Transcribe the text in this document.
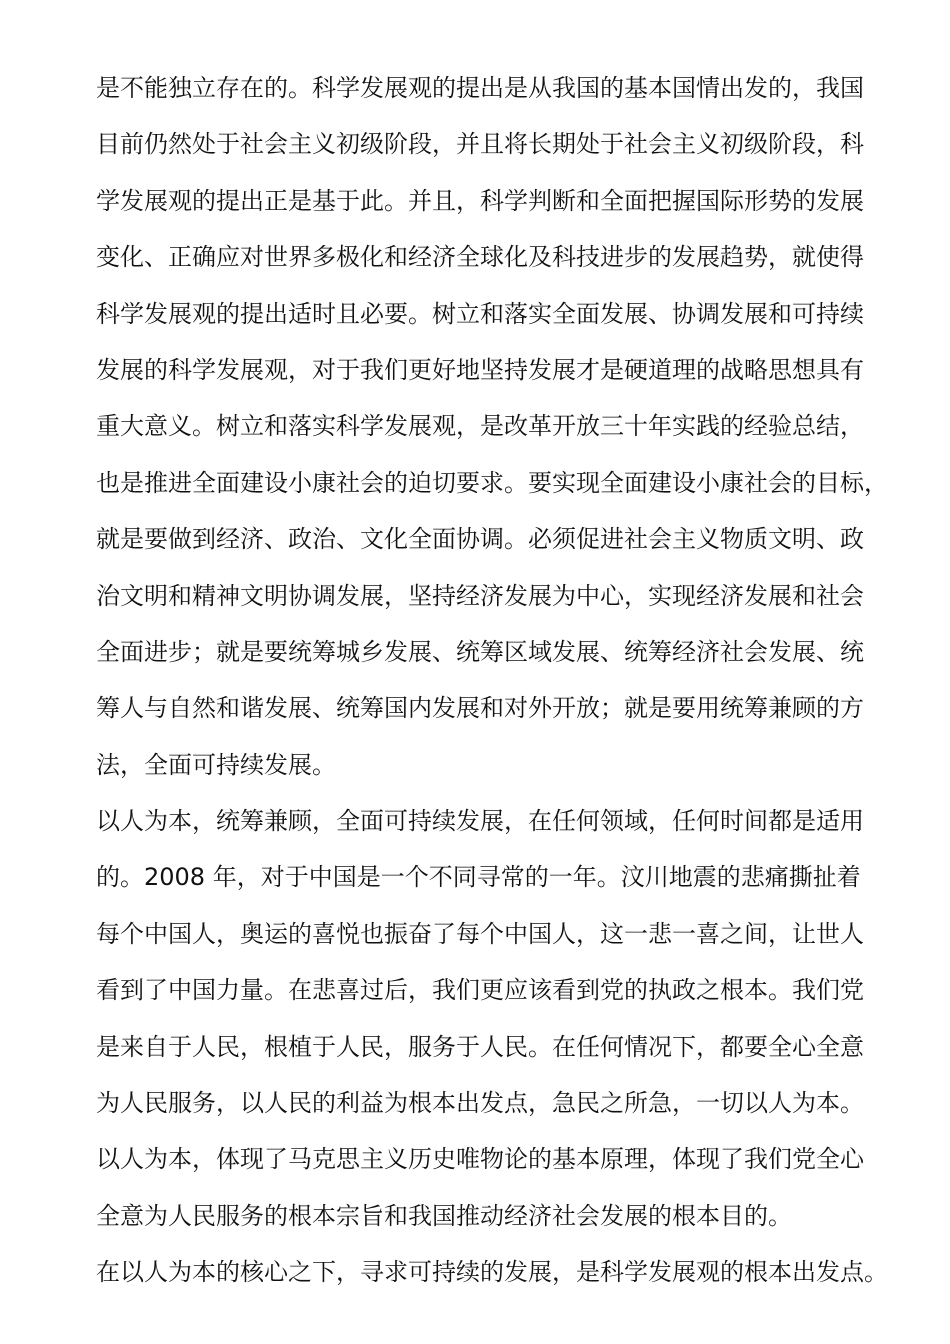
是不能独立存在的。科学发展观的提出是从我国的基本国情出发的，我国
目前仍然处于社会主义初级阶段，并且将长期处于社会主义初级阶段，科
学发展观的提出正是基于此。并且，科学判断和全面把握国际形势的发展
变化、正确应对世界多极化和经济全球化及科技进步的发展趋势，就使得
科学发展观的提出适时且必要。树立和落实全面发展、协调发展和可持续
发展的科学发展观，对于我们更好地坚持发展才是硬道理的战略思想具有
重大意义。树立和落实科学发展观，是改革开放三十年实践的经验总结，
也是推进全面建设小康社会的迫切要求。要实现全面建设小康社会的目标，
就是要做到经济、政治、文化全面协调。必须促进社会主义物质文明、政
治文明和精神文明协调发展，坚持经济发展为中心，实现经济发展和社会
全面进步；就是要统筹城乡发展、统筹区域发展、统筹经济社会发展、统
筹人与自然和谐发展、统筹国内发展和对外开放；就是要用统筹兼顾的方
法，全面可持续发展。
以人为本，统筹兼顾，全面可持续发展，在任何领域，任何时间都是适用
的。2008 年，对于中国是一个不同寻常的一年。汶川地震的悲痛撕扯着
每个中国人，奥运的喜悦也振奋了每个中国人，这一悲一喜之间，让世人
看到了中国力量。在悲喜过后，我们更应该看到党的执政之根本。我们党
是来自于人民，根植于人民，服务于人民。在任何情况下，都要全心全意
为人民服务，以人民的利益为根本出发点，急民之所急，一切以人为本。
以人为本，体现了马克思主义历史唯物论的基本原理，体现了我们党全心
全意为人民服务的根本宗旨和我国推动经济社会发展的根本目的。
在以人为本的核心之下，寻求可持续的发展，是科学发展观的根本出发点。
